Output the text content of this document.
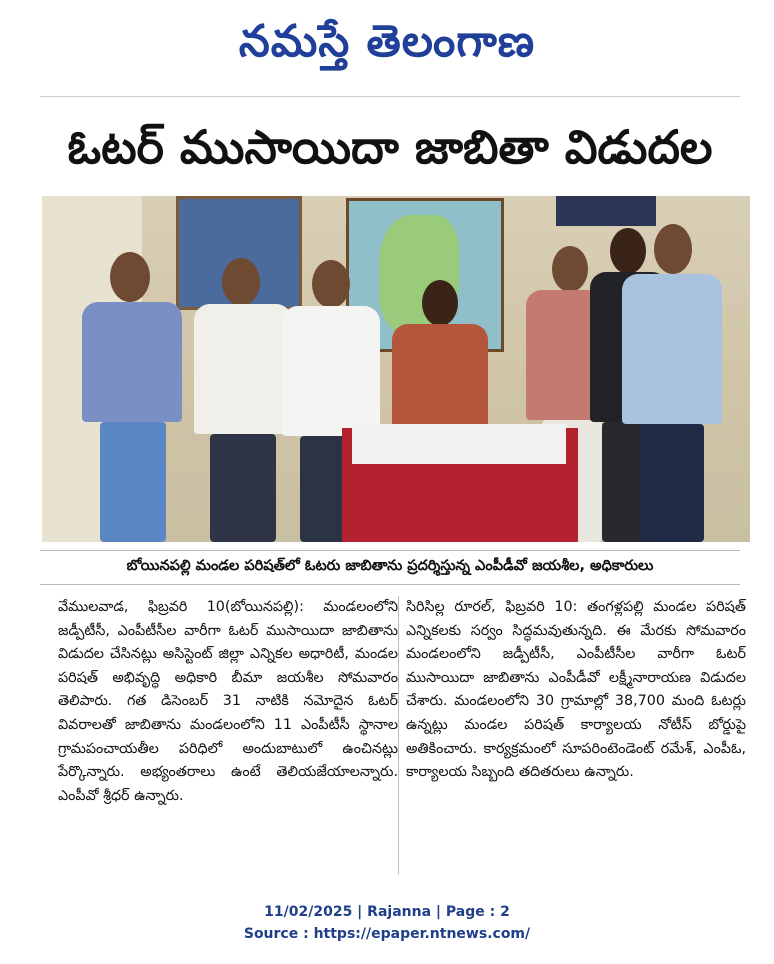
నమస్తే తెలంగాణ
ఓటర్ ముసాయిదా జాబితా విడుదల
బోయినపల్లి మండల పరిషత్‌లో ఓటరు జాబితాను ప్రదర్శిస్తున్న ఎంపీడీవో జయశీల, అధికారులు
వేములవాడ, ఫిబ్రవరి 10(బోయినపల్లి): మండలంలోని జడ్పీటీసీ, ఎంపీటీసీల వారీగా ఓటర్ ముసాయిదా జాబితాను విడుదల చేసినట్లు అసిస్టెంట్ జిల్లా ఎన్నికల అధారిటీ, మండల పరిషత్ అభివృద్ధి అధికారి బీమా జయశీల సోమవారం తెలిపారు. గత డిసెంబర్ 31 నాటికి నమోదైన ఓటర్ వివరాలతో జాబితాను మండలంలోని 11 ఎంపీటీసీ స్థానాల గ్రామపంచాయతీల పరిధిలో అందుబాటులో ఉంచినట్లు పేర్కొన్నారు. అభ్యంతరాలు ఉంటే తెలియజేయాలన్నారు. ఎంపీవో శ్రీధర్ ఉన్నారు.
సిరిసిల్ల రూరల్, ఫిబ్రవరి 10: తంగళ్లపల్లి మండల పరిషత్ ఎన్నికలకు సర్వం సిద్ధమవుతున్నది. ఈ మేరకు సోమవారం మండలంలోని జడ్పీటీసీ, ఎంపీటీసీల వారీగా ఓటర్ ముసాయిదా జాబితాను ఎంపీడీవో లక్ష్మీనారాయణ విడుదల చేశారు. మండలంలోని 30 గ్రామాల్లో 38,700 మంది ఓటర్లు ఉన్నట్లు మండల పరిషత్ కార్యాలయ నోటీస్ బోర్డుపై అతికించారు. కార్యక్రమంలో సూపరింటెండెంట్ రమేశ్, ఎంపీఓ, కార్యాలయ సిబ్బంది తదితరులు ఉన్నారు.
11/02/2025 | Rajanna | Page : 2
Source : https://epaper.ntnews.com/
